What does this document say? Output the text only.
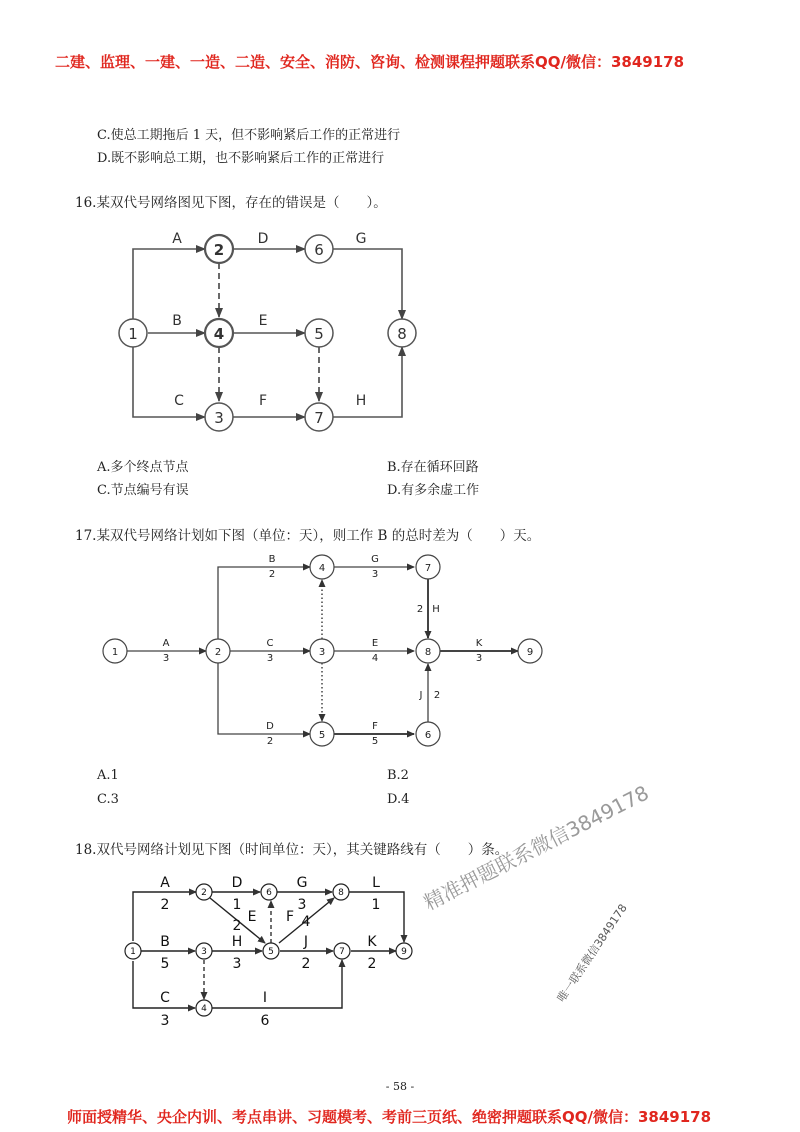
二建、监理、一建、一造、二造、安全、消防、咨询、检测课程押题联系QQ/微信：3849178
C.使总工期拖后 1 天，但不影响紧后工作的正常进行
D.既不影响总工期，也不影响紧后工作的正常进行
16.某双代号网络图见下图，存在的错误是（　　）。
1
2
3
4	5
6
7
8
A
B
C
D
E
F
G
H
1	2	3
4
5	6
7
8	9
A
3
B
2
C
3
D
2
E
4
F
5
G
3
H
2
J 2
K
3
1
2
3
4
5
6
7
8
9
A
2
B
5
C
3
D
1
E
2
F 4
G
3
H
3
I
6
J
2
K
2
L
1
A.多个终点节点	B.存在循环回路
C.节点编号有误	D.有多余虚工作
17.某双代号网络计划如下图（单位：天），则工作 B 的总时差为（　　）天。
A.1	B.2
C.3	D.4
18.双代号网络计划见下图（时间单位：天），其关键路线有（　　）条。
精准押题联系微信3849178
唯一联系微信3849178
- 58 -
师面授精华、央企内训、考点串讲、习题模考、考前三页纸、绝密押题联系QQ/微信：3849178
